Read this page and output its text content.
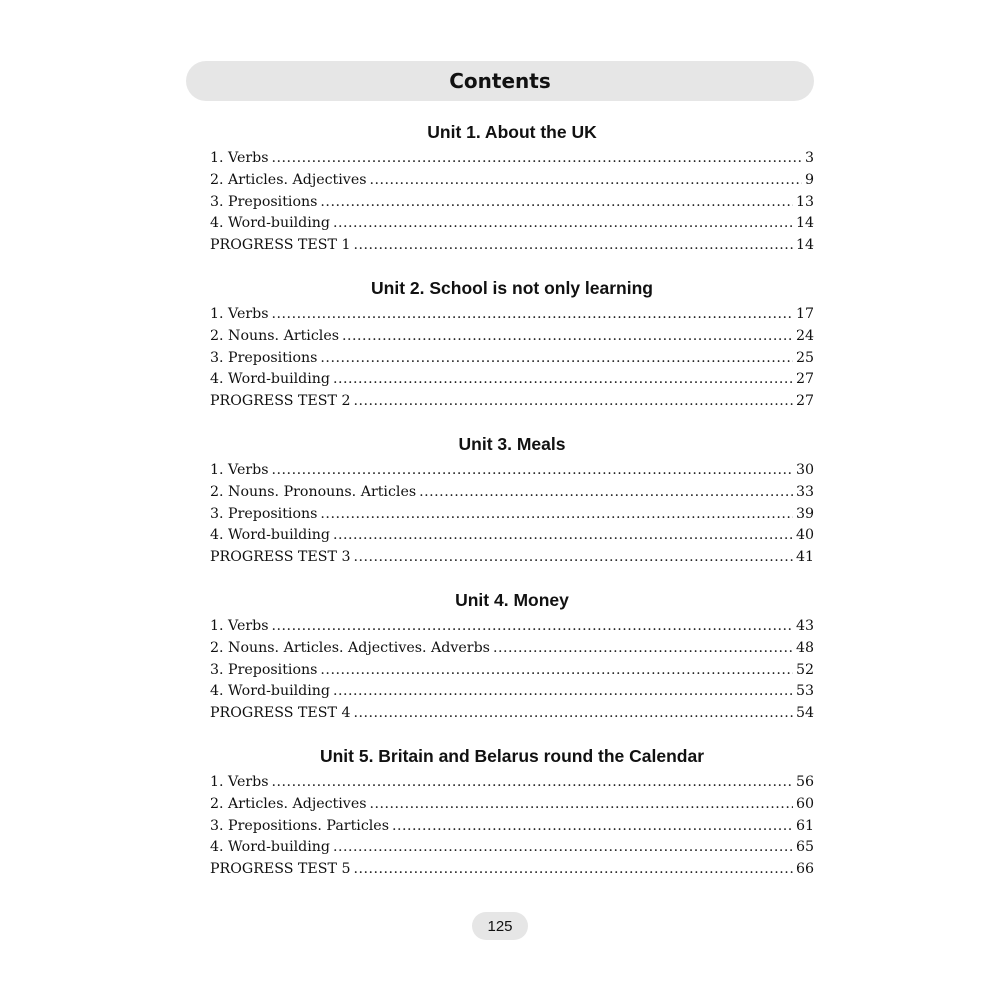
Contents
Unit 1. About the UK
1. Verbs .....	3
2. Articles. Adjectives .....	9
3. Prepositions .....	13
4. Word-building .....	14
PROGRESS TEST 1 .....	14
Unit 2. School is not only learning
1. Verbs .....	17
2. Nouns. Articles .....	24
3. Prepositions .....	25
4. Word-building .....	27
PROGRESS TEST 2 .....	27
Unit 3. Meals
1. Verbs .....	30
2. Nouns. Pronouns. Articles .....	33
3. Prepositions .....	39
4. Word-building .....	40
PROGRESS TEST 3 .....	41
Unit 4. Money
1. Verbs .....	43
2. Nouns. Articles. Adjectives. Adverbs .....	48
3. Prepositions .....	52
4. Word-building .....	53
PROGRESS TEST 4 .....	54
Unit 5. Britain and Belarus round the Calendar
1. Verbs .....	56
2. Articles. Adjectives .....	60
3. Prepositions. Particles .....	61
4. Word-building .....	65
PROGRESS TEST 5 .....	66
125
